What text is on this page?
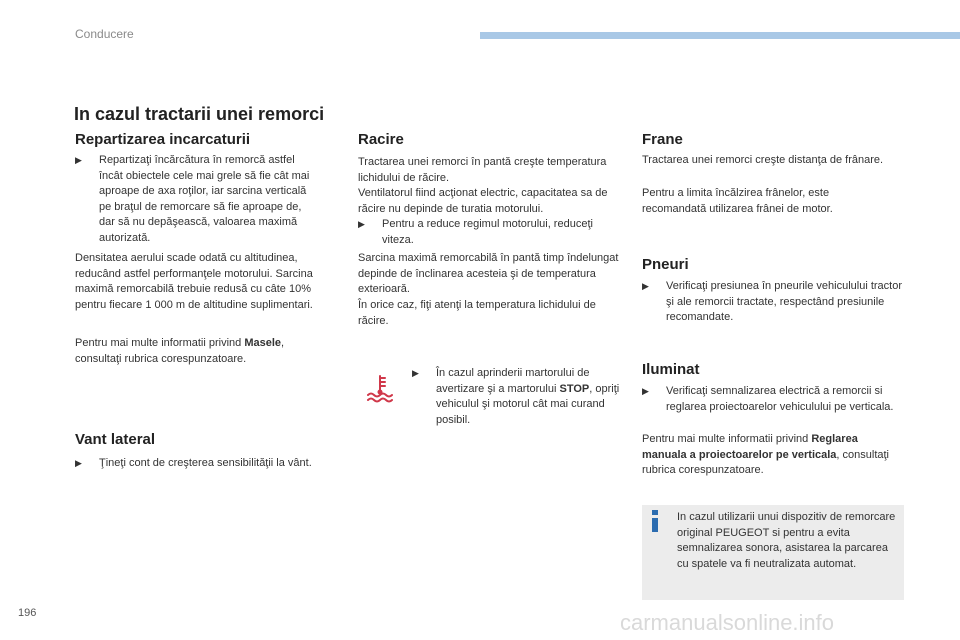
Conducere
In cazul tractarii unei remorci
Repartizarea incarcaturii
▶	Repartizaţi încărcătura în remorcă astfel încât obiectele cele mai grele să fie cât mai aproape de axa roţilor, iar sarcina verticală pe braţul de remorcare să fie aproape de, dar să nu depăşească, valoarea maximă autorizată.
Densitatea aerului scade odată cu altitudinea, reducând astfel performanţele motorului. Sarcina maximă remorcabilă trebuie redusă cu câte 10% pentru fiecare 1 000 m de altitudine suplimentari.
Pentru mai multe informatii privind Masele, consultaţi rubrica corespunzatoare.
Vant lateral
▶	Ţineţi cont de creşterea sensibilităţii la vânt.
Racire
Tractarea unei remorci în pantă creşte temperatura lichidului de răcire.
Ventilatorul fiind acţionat electric, capacitatea sa de răcire nu depinde de turatia motorului.
▶	Pentru a reduce regimul motorului, reduceţi viteza.
Sarcina maximă remorcabilă în pantă timp îndelungat depinde de înclinarea acesteia şi de temperatura exterioară.
În orice caz, fiţi atenţi la temperatura lichidului de răcire.
▶	În cazul aprinderii martorului de avertizare şi a martorului STOP, opriţi vehiculul şi motorul cât mai curand posibil.
Frane
Tractarea unei remorci creşte distanţa de frânare.
Pentru a limita încălzirea frânelor, este recomandată utilizarea frânei de motor.
Pneuri
▶	Verificaţi presiunea în pneurile vehiculului tractor şi ale remorcii tractate, respectând presiunile recomandate.
Iluminat
▶	Verificaţi semnalizarea electrică a remorcii si reglarea proiectoarelor vehiculului pe verticala.
Pentru mai multe informatii privind Reglarea manuala a proiectoarelor pe verticala, consultaţi rubrica corespunzatoare.
In cazul utilizarii unui dispozitiv de remorcare original PEUGEOT si pentru a evita semnalizarea sonora, asistarea la parcarea cu spatele va fi neutralizata automat.
196	carmanualsonline.info
